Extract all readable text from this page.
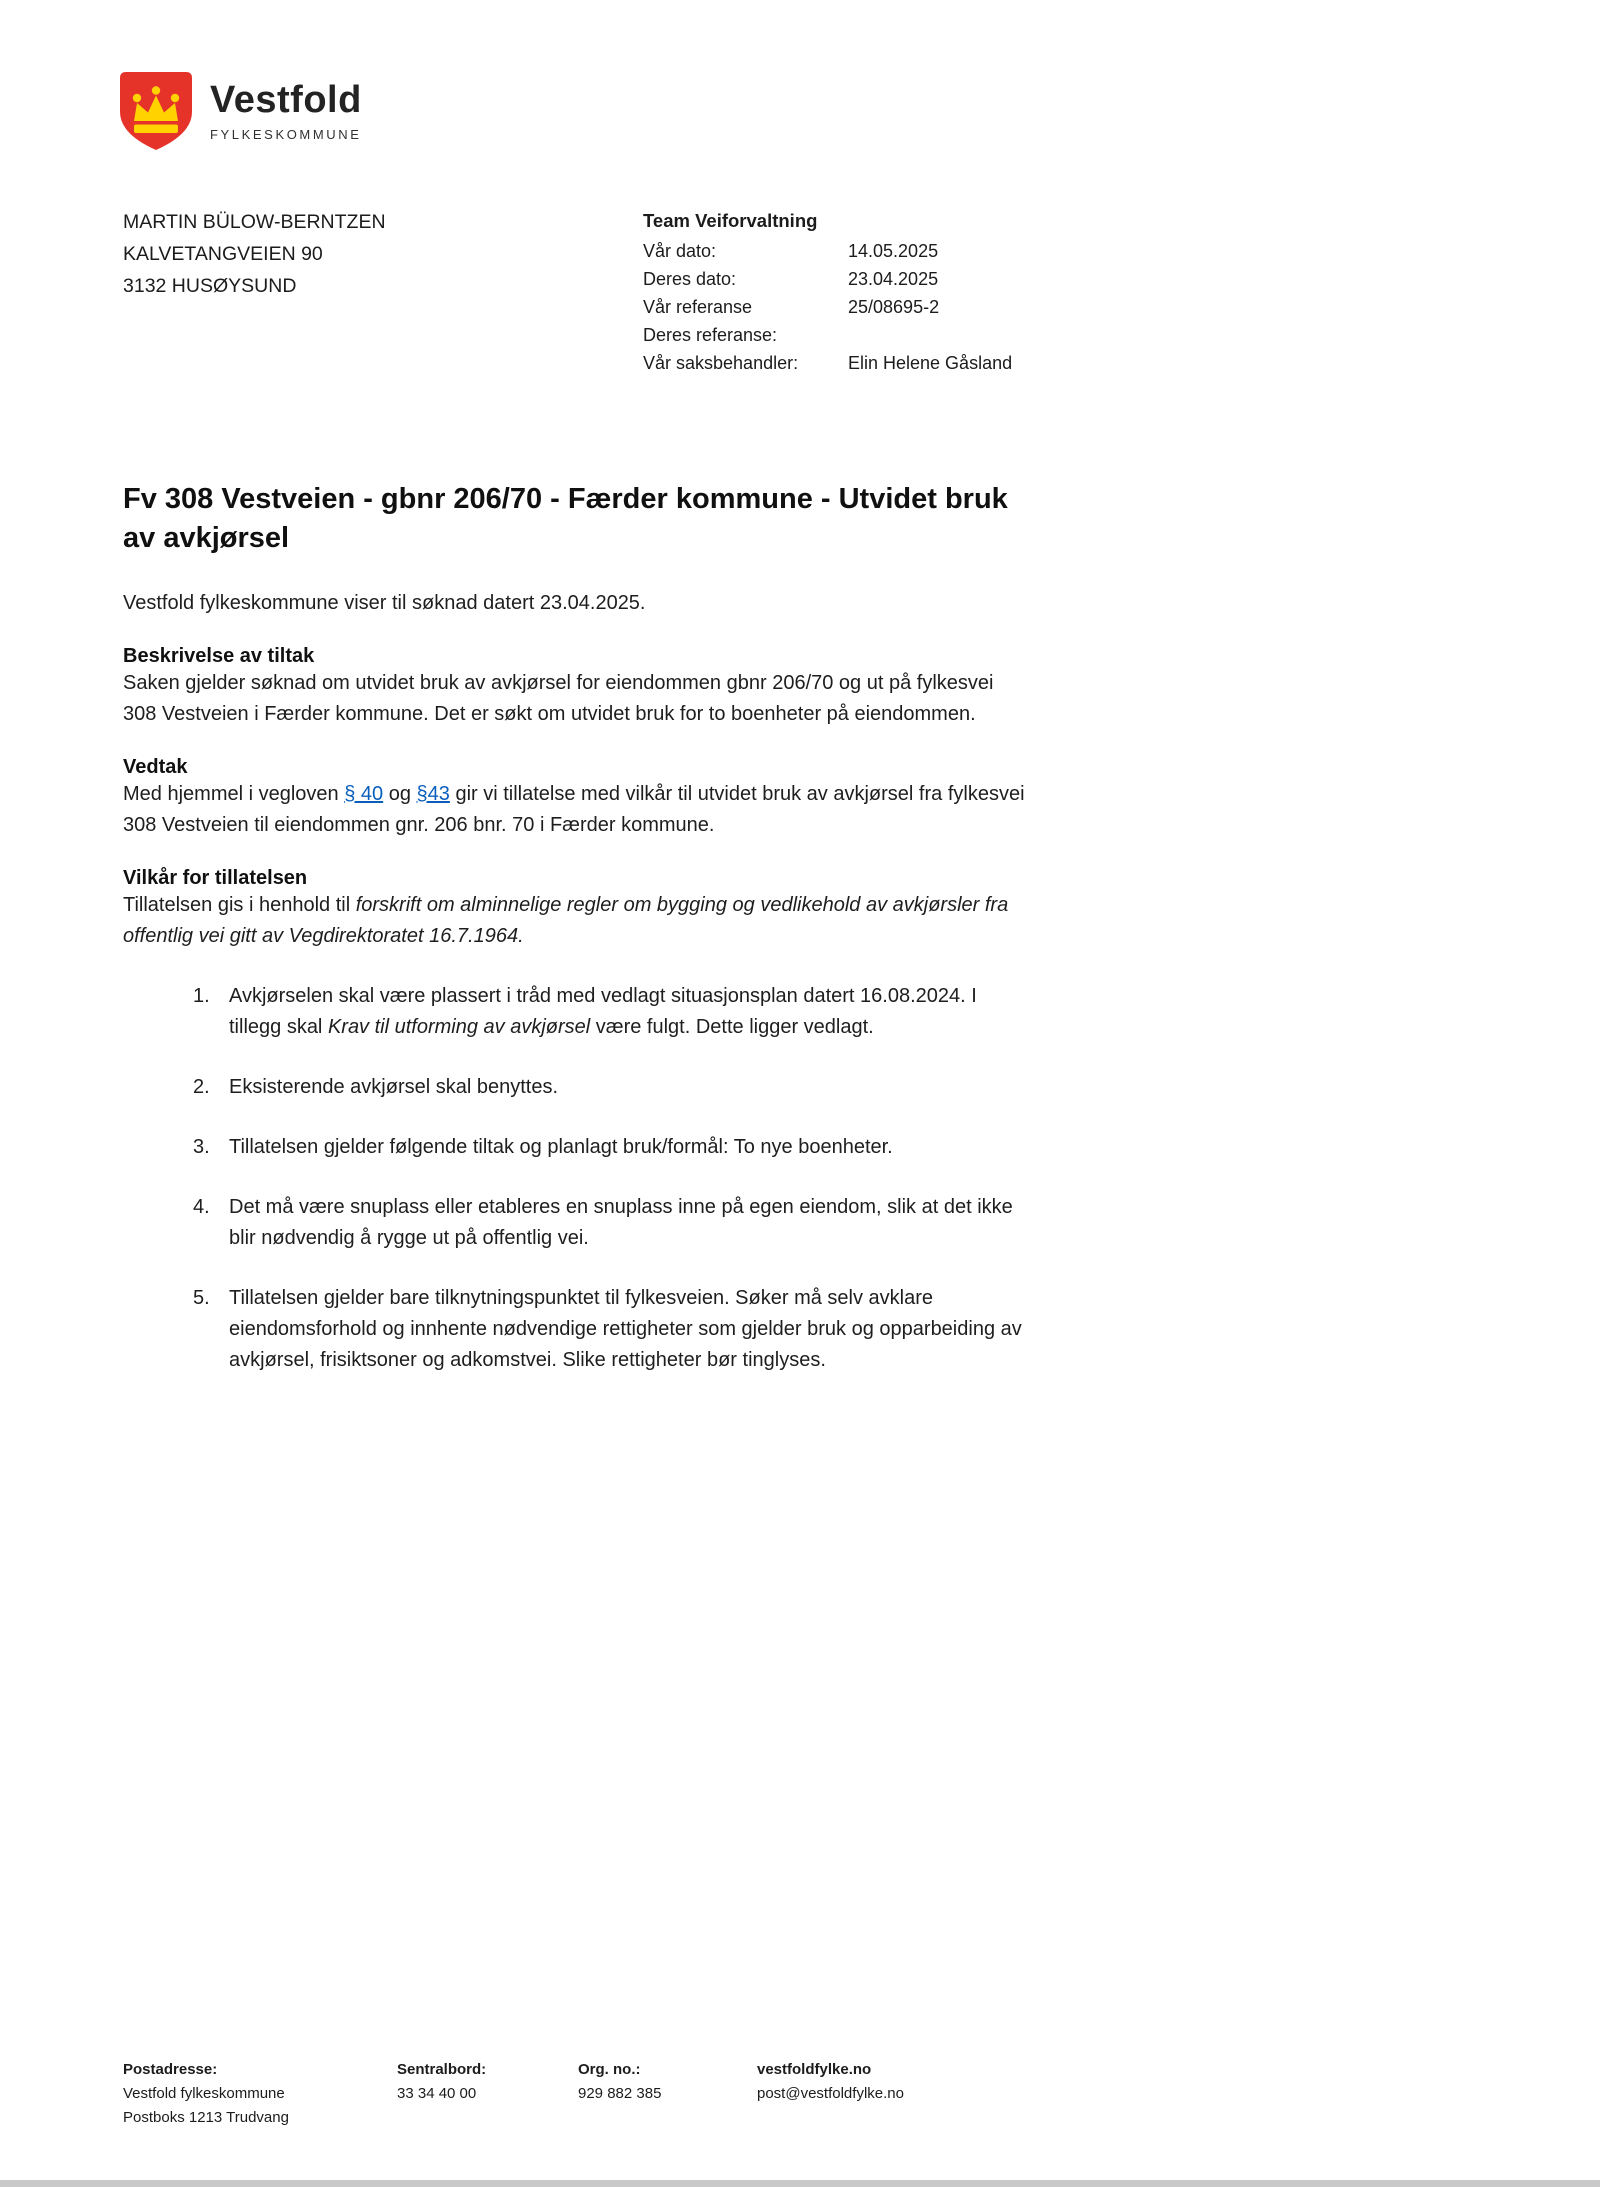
Vestfold
FYLKESKOMMUNE
MARTIN BÜLOW-BERNTZEN
KALVETANGVEIEN 90
3132 HUSØYSUND
Team Veiforvaltning
Vår dato:	14.05.2025
Deres dato:	23.04.2025
Vår referanse	25/08695-2
Deres referanse:
Vår saksbehandler:	Elin Helene Gåsland
Fv 308 Vestveien - gbnr 206/70 - Færder kommune - Utvidet bruk av avkjørsel

Vestfold fylkeskommune viser til søknad datert 23.04.2025.

Beskrivelse av tiltak

Saken gjelder søknad om utvidet bruk av avkjørsel for eiendommen gbnr 206/70 og ut på fylkesvei 308 Vestveien i Færder kommune. Det er søkt om utvidet bruk for to boenheter på eiendommen.

Vedtak

Med hjemmel i vegloven § 40 og §43 gir vi tillatelse med vilkår til utvidet bruk av avkjørsel fra fylkesvei 308 Vestveien til eiendommen gnr. 206 bnr. 70 i Færder kommune.

Vilkår for tillatelsen

Tillatelsen gis i henhold til forskrift om alminnelige regler om bygging og vedlikehold av avkjørsler fra offentlig vei gitt av Vegdirektoratet 16.7.1964.

1. Avkjørselen skal være plassert i tråd med vedlagt situasjonsplan datert 16.08.2024. I tillegg skal Krav til utforming av avkjørsel være fulgt. Dette ligger vedlagt.
2. Eksisterende avkjørsel skal benyttes.
3. Tillatelsen gjelder følgende tiltak og planlagt bruk/formål: To nye boenheter.
4. Det må være snuplass eller etableres en snuplass inne på egen eiendom, slik at det ikke blir nødvendig å rygge ut på offentlig vei.
5. Tillatelsen gjelder bare tilknytningspunktet til fylkesveien. Søker må selv avklare eiendomsforhold og innhente nødvendige rettigheter som gjelder bruk og opparbeiding av avkjørsel, frisiktsoner og adkomstvei. Slike rettigheter bør tinglyses.
Postadresse:
Vestfold fylkeskommune
Postboks 1213 Trudvang
Sentralbord:
33 34 40 00
Org. no.:
929 882 385
vestfoldfylke.no
post@vestfoldfylke.no
